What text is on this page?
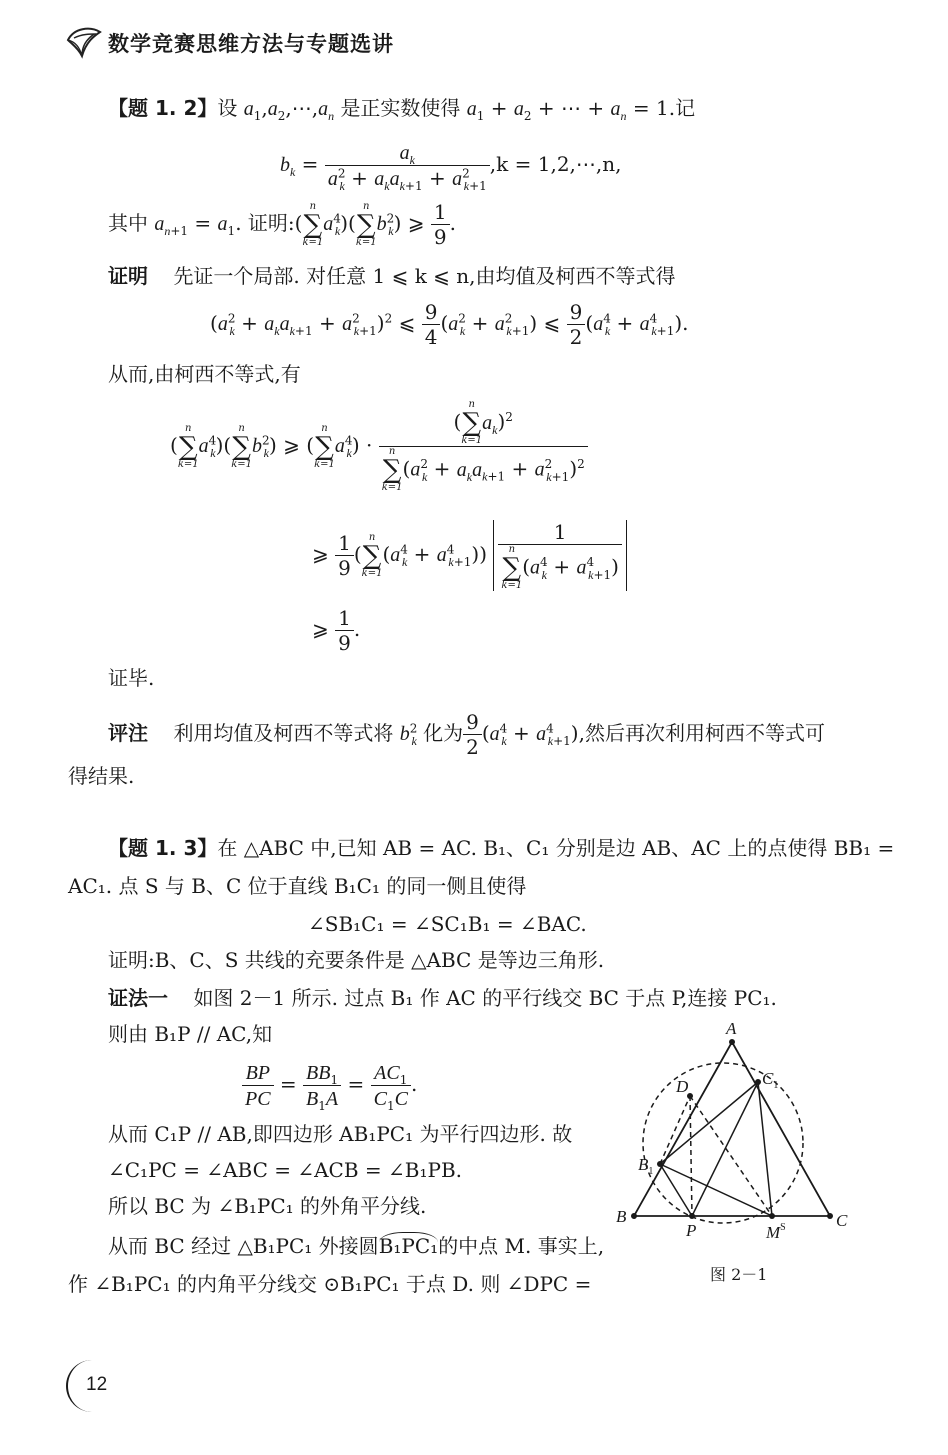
数学竞赛思维方法与专题选讲
【题 1. 2】设 $a_1,a_2,\cdots,a_n$ 是正实数使得 $a_1 + a_2$ + ⋯ + $a_n = 1$.记
$b_k = \frac{a_k}{a^2_k + a_ka_{k+1} + a^2_{k+1}} ,k$ = 1,2,⋯,n,
其中 $a_{n+1} = a_1$. 证明:(
n
∑
k=1
$a^4_k$)(
n
∑
k=1
$b^2_k$) ⩾ $\frac{1}{9}$ .
证明 先证一个局部. 对任意 1 ⩽ k ⩽ n,由均值及柯西不等式得
$(a^2_k + a_ka_{k+1} + a^2_{k+1})^2$ ⩽ $\frac{9}{4} (a^2_k + a^2_{k+1})$ ⩽ $\frac{9}{2} (a^4_k + a^4_{k+1})$.
从而,由柯西不等式,有
(
n
∑
k=1
$a^4_k$)(
n
∑
k=1
$b^2_k$) ⩾ (
n
∑
k=1
$a^4_k$) · (
n
∑
k=1
$a_k)^2$
n
∑
k=1
$(a^2_k + a_ka_{k+1} + a^2_{k+1})^2$
⩾ $\frac{1}{9}$ (
n
∑
k=1
$(a^4_k + a^4_{k+1})$) 1
n
∑
k=1
$(a^4_k + a^4_{k+1})$
⩾ $\frac{1}{9}$ .
证毕.
评注 利用均值及柯西不等式将 $b^2_k$ 化为 $\frac{9}{2} (a^4_k + a^4_{k+1})$,然后再次利用柯西不等式可
得结果.
【题 1. 3】在 △ABC 中,已知 AB = AC. B₁、C₁ 分别是边 AB、AC 上的点使得 BB₁ =
AC₁. 点 S 与 B、C 位于直线 B₁C₁ 的同一侧且使得
∠SB₁C₁ = ∠SC₁B₁ = ∠BAC.
证明:B、C、S 共线的充要条件是 △ABC 是等边三角形.
证法一 如图 2－1 所示. 过点 B₁ 作 AC 的平行线交 BC 于点 P,连接 PC₁.
则由 B₁P // AC,知
$\frac{BP}{PC} = \frac{BB_1}{B_1A} = \frac{AC_1}{C_1C}$ .
从而 C₁P // AB,即四边形 AB₁PC₁ 为平行四边形. 故
∠C₁PC = ∠ABC = ∠ACB = ∠B₁PB.
所以 BC 为 ∠B₁PC₁ 的外角平分线.
从而 BC 经过 △B₁PC₁ 外接圆B₁PC₁的中点 M. 事实上,
作 ∠B₁PC₁ 的内角平分线交 ⊙B₁PC₁ 于点 D. 则 ∠DPC =
A
B	C
$B_1$
$C_1$
D
P	$M^S$
图 2－1
12
